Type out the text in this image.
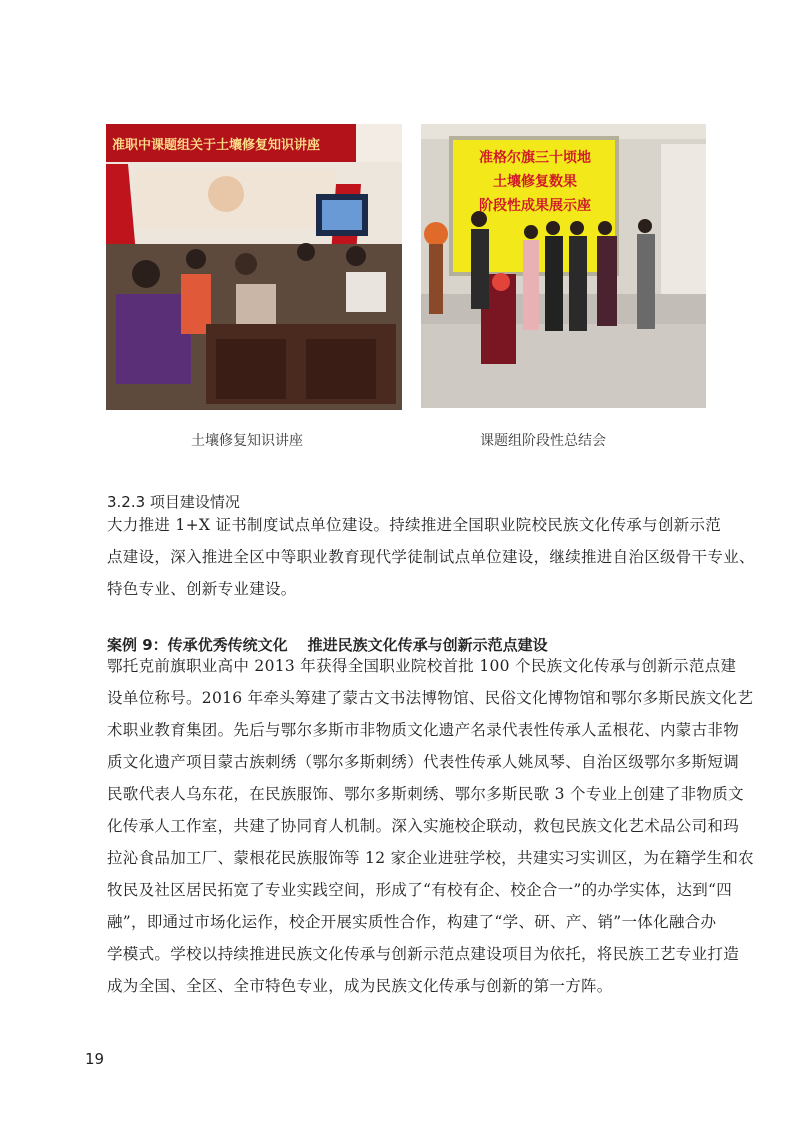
准职中课题组关于土壤修复知识讲座
准格尔旗三十顷地
土壤修复数果
阶段性成果展示座
土壤修复知识讲座	课题组阶段性总结会
3.2.3 项目建设情况
大力推进 1+X 证书制度试点单位建设。持续推进全国职业院校民族文化传承与创新示范
点建设，深入推进全区中等职业教育现代学徒制试点单位建设，继续推进自治区级骨干专业、
特色专业、创新专业建设。
案例 9：传承优秀传统文化 推进民族文化传承与创新示范点建设
鄂托克前旗职业高中 2013 年获得全国职业院校首批 100 个民族文化传承与创新示范点建
设单位称号。2016 年牵头筹建了蒙古文书法博物馆、民俗文化博物馆和鄂尔多斯民族文化艺
术职业教育集团。先后与鄂尔多斯市非物质文化遗产名录代表性传承人孟根花、内蒙古非物
质文化遗产项目蒙古族刺绣（鄂尔多斯刺绣）代表性传承人姚凤琴、自治区级鄂尔多斯短调
民歌代表人乌东花，在民族服饰、鄂尔多斯刺绣、鄂尔多斯民歌 3 个专业上创建了非物质文
化传承人工作室，共建了协同育人机制。深入实施校企联动，救包民族文化艺术品公司和玛
拉沁食品加工厂、蒙根花民族服饰等 12 家企业进驻学校，共建实习实训区，为在籍学生和农
牧民及社区居民拓宽了专业实践空间，形成了“有校有企、校企合一”的办学实体，达到“四
融”，即通过市场化运作，校企开展实质性合作，构建了“学、研、产、销”一体化融合办
学模式。学校以持续推进民族文化传承与创新示范点建设项目为依托，将民族工艺专业打造
成为全国、全区、全市特色专业，成为民族文化传承与创新的第一方阵。
19
